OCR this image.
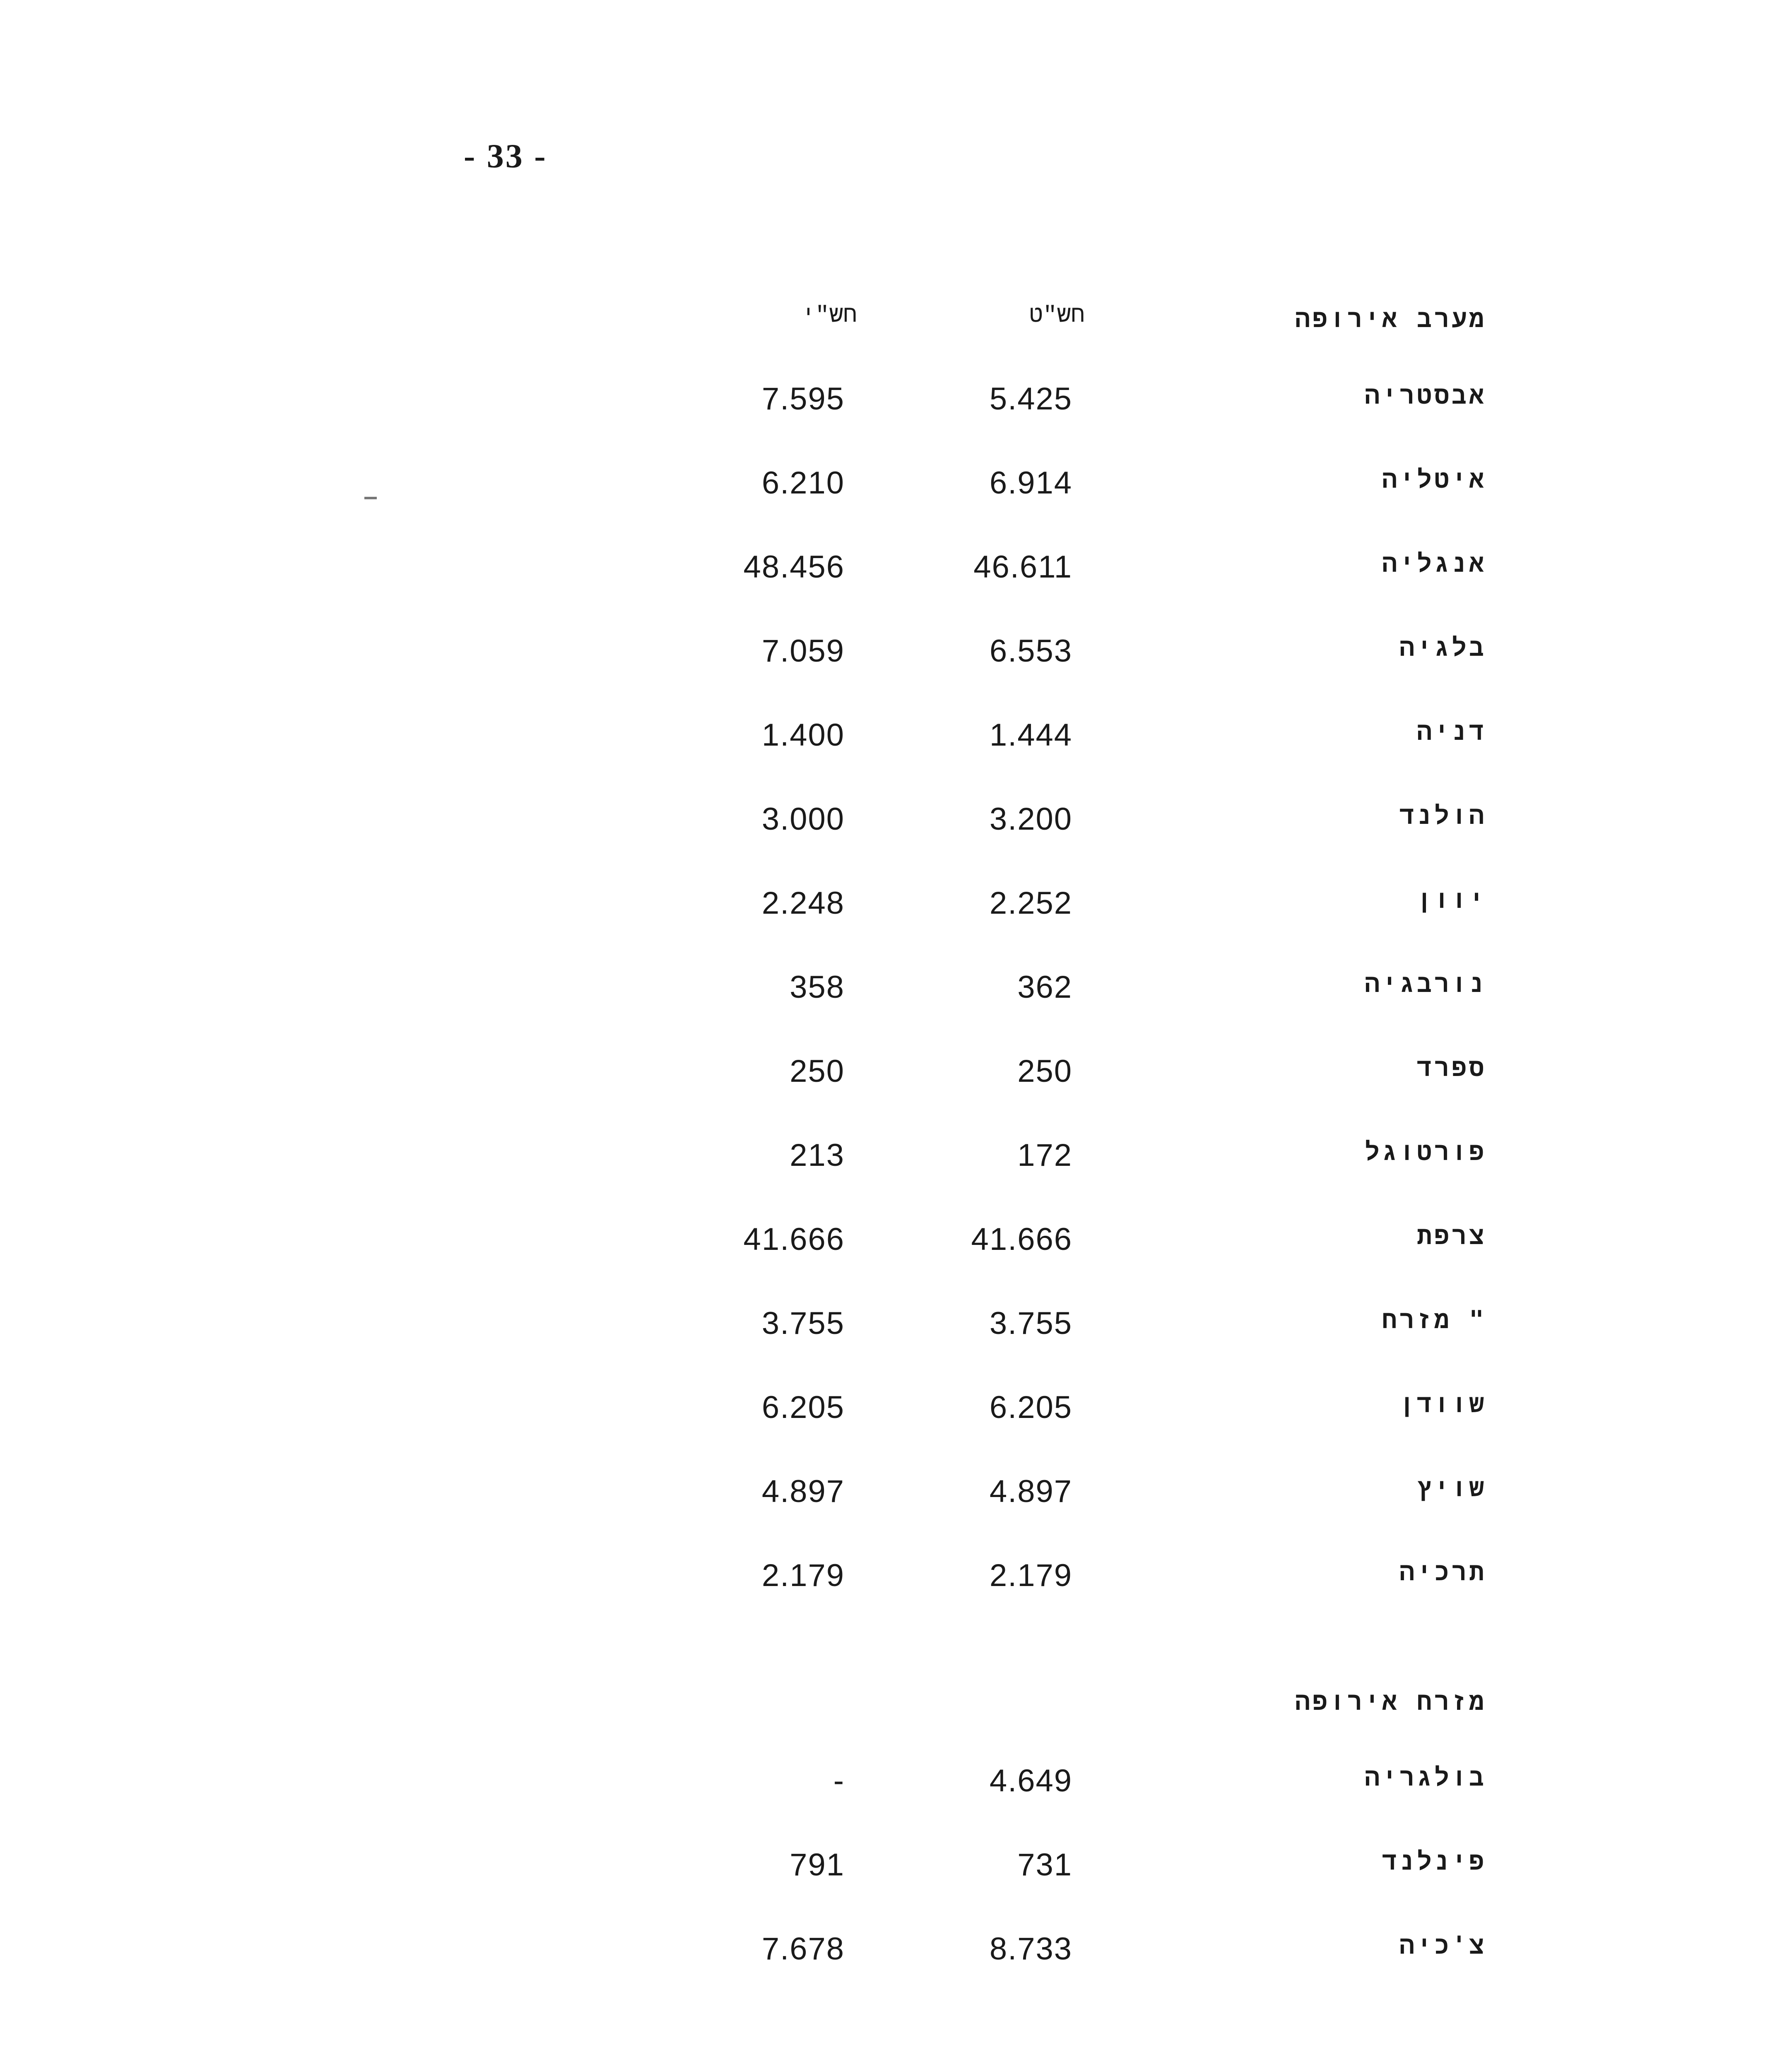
- 33 -
חש"י	חש"ט	מערב אירופה
7.595	5.425	אבסטריה
6.210	6.914	איטליה
48.456	46.611	אנגליה
7.059	6.553	בלגיה
1.400	1.444	דניה
3.000	3.200	הולנד
2.248	2.252	יוון
358	362	נורבגיה
250	250	ספרד
213	172	פורטוגל
41.666	41.666	צרפת
3.755	3.755	" מזרח
6.205	6.205	שוודן
4.897	4.897	שויץ
2.179	2.179	תרכיה
מזרח אירופה
-	4.649	בולגריה
791	731	פינלנד
7.678	8.733	צ'כיה
